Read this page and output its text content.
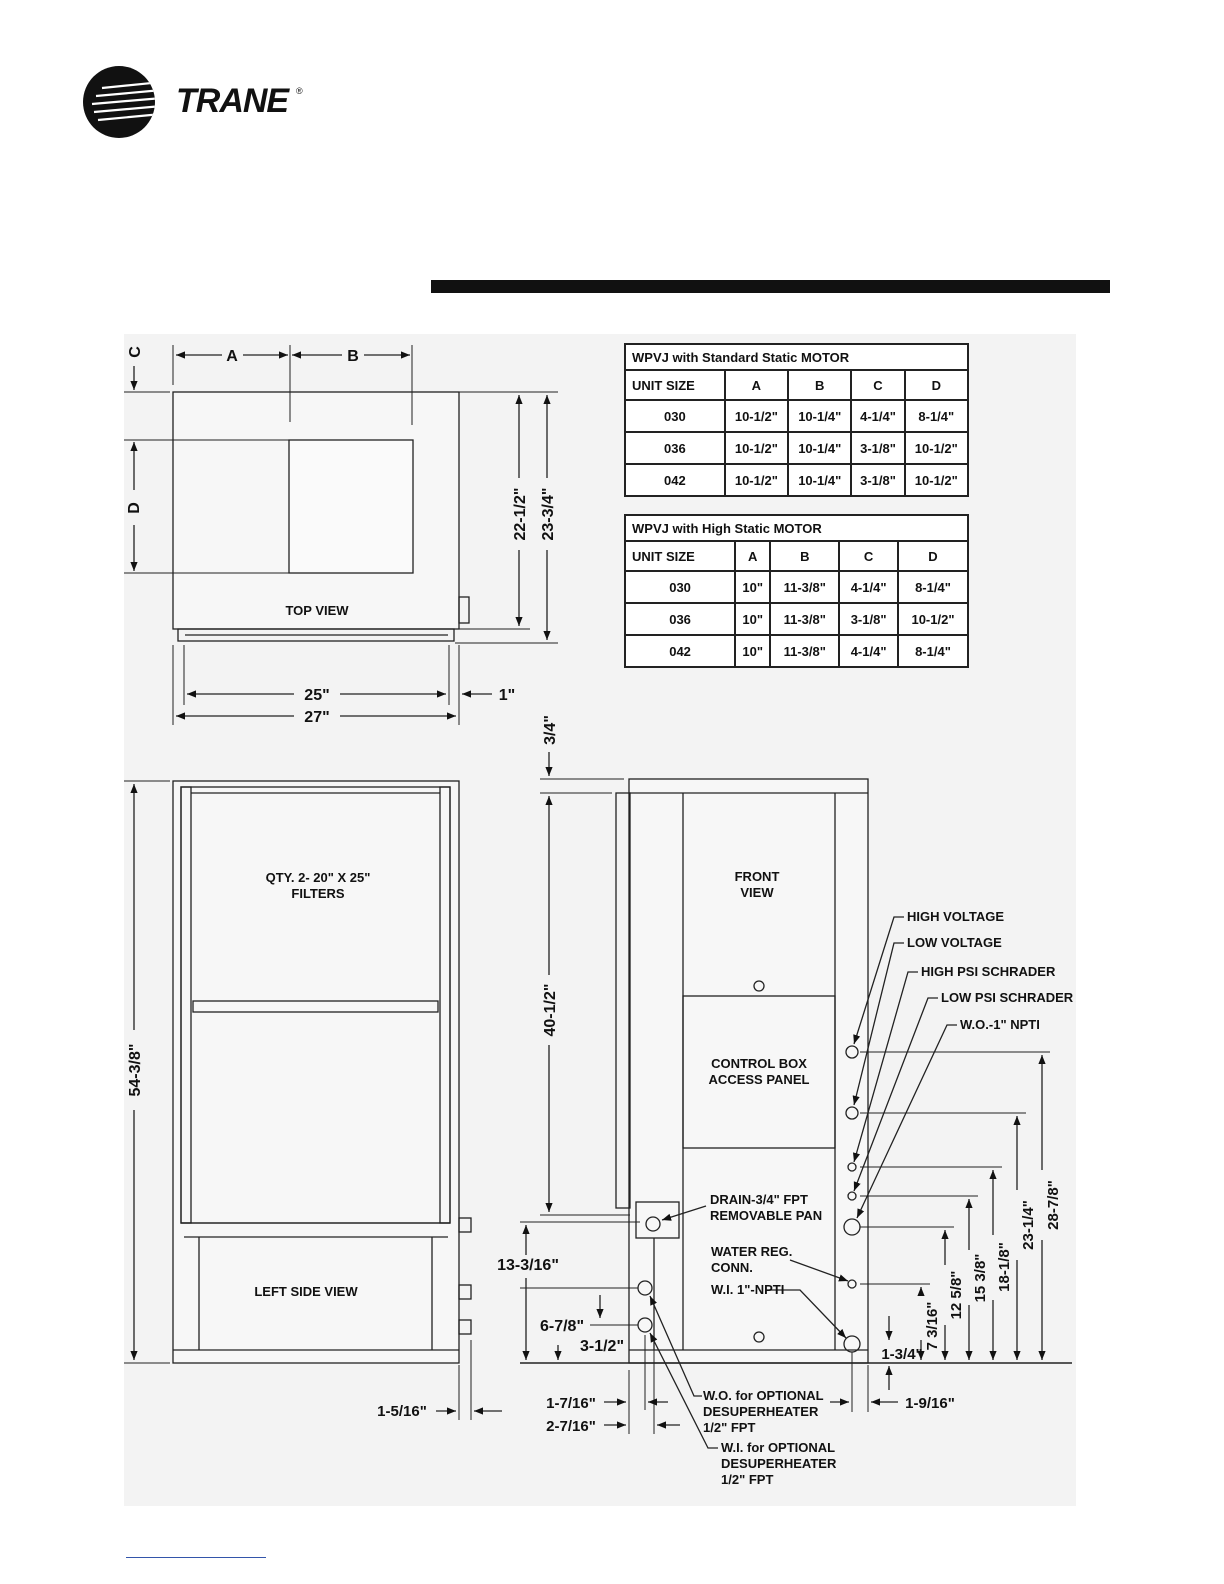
TRANE ®
WPVJ with Standard Static MOTOR				
UNIT SIZE	A	B	C	D
030	10-1/2"	10-1/4"	4-1/4"	8-1/4"
036	10-1/2"	10-1/4"	3-1/8"	10-1/2"
042	10-1/2"	10-1/4"	3-1/8"	10-1/2"
WPVJ with High Static MOTOR				
UNIT SIZE	A	B	C	D
030	10"	11-3/8"	4-1/4"	8-1/4"
036	10"	11-3/8"	3-1/8"	10-1/2"
042	10"	11-3/8"	4-1/4"	8-1/4"
A	B
C
D
TOP VIEW
22-1/2" 23-3/4"
25"
27"
1"
QTY. 2- 20" X 25"
FILTERS
LEFT SIDE VIEW
54-3/8"
1-5/16"
FRONT
VIEW
CONTROL BOX
ACCESS PANEL
3/4"
40-1/2"
13-3/16"
6-7/8"
3-1/2"
1-7/16"
2-7/16"
1-3/4"
1-9/16"
7 3/16"
12 5/8" 15 3/8" 18-1/8"
23-1/4" 28-7/8"
HIGH VOLTAGE
LOW VOLTAGE
HIGH PSI SCHRADER
LOW PSI SCHRADER
W.O.-1" NPTI
DRAIN-3/4" FPT
REMOVABLE PAN
WATER REG.
CONN.
W.I. 1"-NPTI
W.O. for OPTIONAL
DESUPERHEATER
1/2" FPT
W.I. for OPTIONAL
DESUPERHEATER
1/2" FPT
